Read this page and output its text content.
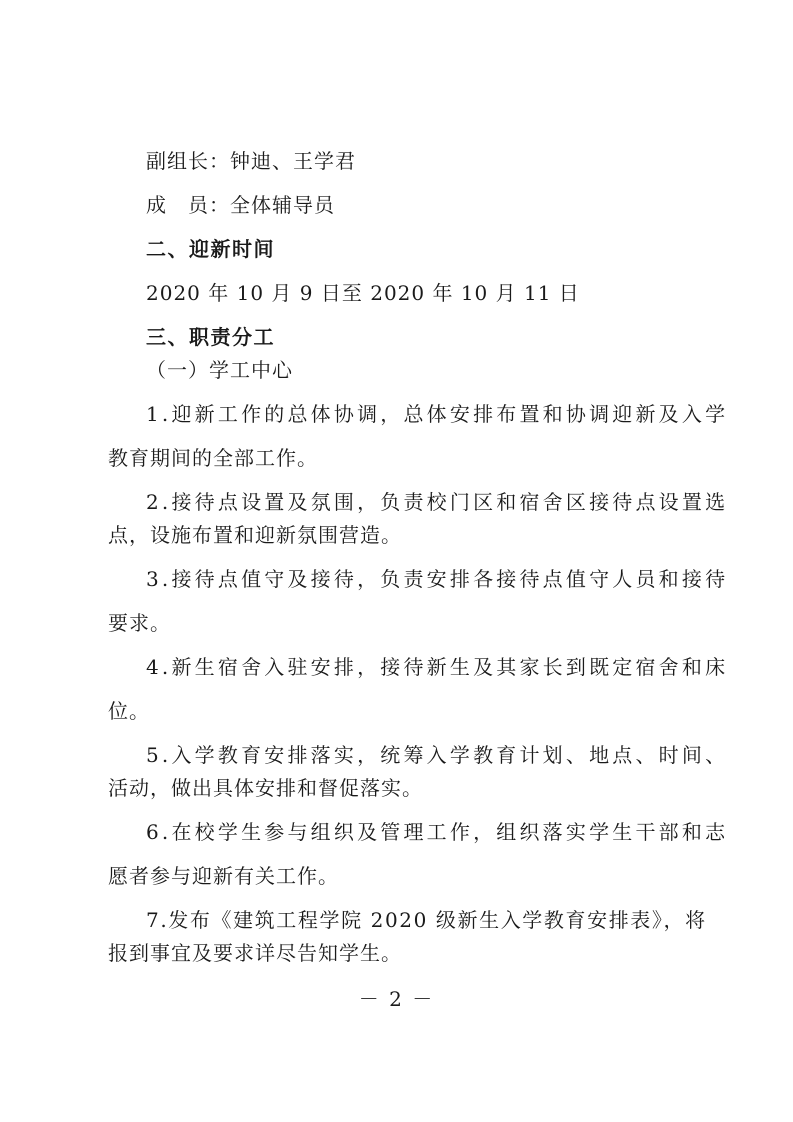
副组长：钟迪、王学君
成　员：全体辅导员
二、迎新时间
2020 年 10 月 9 日至 2020 年 10 月 11 日
三、职责分工
（一）学工中心
1.迎新工作的总体协调，总体安排布置和协调迎新及入学
教育期间的全部工作。
2.接待点设置及氛围，负责校门区和宿舍区接待点设置选
点，设施布置和迎新氛围营造。
3.接待点值守及接待，负责安排各接待点值守人员和接待
要求。
4.新生宿舍入驻安排，接待新生及其家长到既定宿舍和床
位。
5.入学教育安排落实，统筹入学教育计划、地点、时间、
活动，做出具体安排和督促落实。
6.在校学生参与组织及管理工作，组织落实学生干部和志
愿者参与迎新有关工作。
7.发布《建筑工程学院 2020 级新生入学教育安排表》，将
报到事宜及要求详尽告知学生。
－ 2 －
